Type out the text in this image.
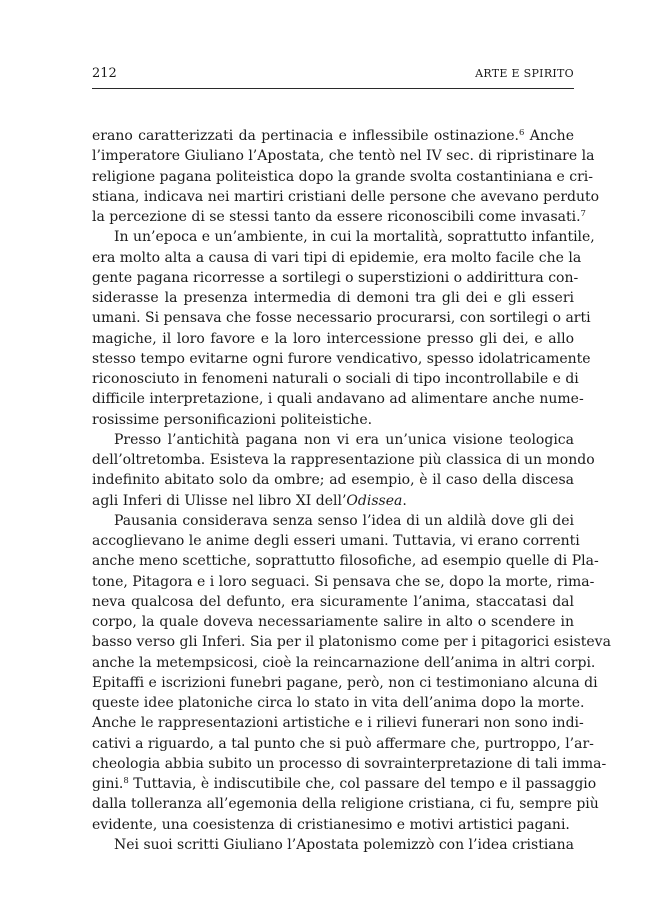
212	ARTE E SPIRITO
erano caratterizzati da pertinacia e inflessibile ostinazione.$^6$ Anche
l’imperatore Giuliano l’Apostata, che tentò nel IV sec. di ripristinare la
religione pagana politeistica dopo la grande svolta costantiniana e cri-
stiana, indicava nei martiri cristiani delle persone che avevano perduto
la percezione di se stessi tanto da essere riconoscibili come invasati.$^7$
In un’epoca e un’ambiente, in cui la mortalità, soprattutto infantile,
era molto alta a causa di vari tipi di epidemie, era molto facile che la
gente pagana ricorresse a sortilegi o superstizioni o addirittura con-
siderasse la presenza intermedia di demoni tra gli dei e gli esseri
umani. Si pensava che fosse necessario procurarsi, con sortilegi o arti
magiche, il loro favore e la loro intercessione presso gli dei, e allo
stesso tempo evitarne ogni furore vendicativo, spesso idolatricamente
riconosciuto in fenomeni naturali o sociali di tipo incontrollabile e di
difficile interpretazione, i quali andavano ad alimentare anche nume-
rosissime personificazioni politeistiche.
Presso l’antichità pagana non vi era un’unica visione teologica
dell’oltretomba. Esisteva la rappresentazione più classica di un mondo
indefinito abitato solo da ombre; ad esempio, è il caso della discesa
agli Inferi di Ulisse nel libro XI dell’Odissea.
Pausania considerava senza senso l’idea di un aldilà dove gli dei
accoglievano le anime degli esseri umani. Tuttavia, vi erano correnti
anche meno scettiche, soprattutto filosofiche, ad esempio quelle di Pla-
tone, Pitagora e i loro seguaci. Si pensava che se, dopo la morte, rima-
neva qualcosa del defunto, era sicuramente l’anima, staccatasi dal
corpo, la quale doveva necessariamente salire in alto o scendere in
basso verso gli Inferi. Sia per il platonismo come per i pitagorici esisteva
anche la metempsicosi, cioè la reincarnazione dell’anima in altri corpi.
Epitaffi e iscrizioni funebri pagane, però, non ci testimoniano alcuna di
queste idee platoniche circa lo stato in vita dell’anima dopo la morte.
Anche le rappresentazioni artistiche e i rilievi funerari non sono indi-
cativi a riguardo, a tal punto che si può affermare che, purtroppo, l’ar-
cheologia abbia subito un processo di sovrainterpretazione di tali imma-
gini.$^8$ Tuttavia, è indiscutibile che, col passare del tempo e il passaggio
dalla tolleranza all’egemonia della religione cristiana, ci fu, sempre più
evidente, una coesistenza di cristianesimo e motivi artistici pagani.
Nei suoi scritti Giuliano l’Apostata polemizzò con l’idea cristiana
